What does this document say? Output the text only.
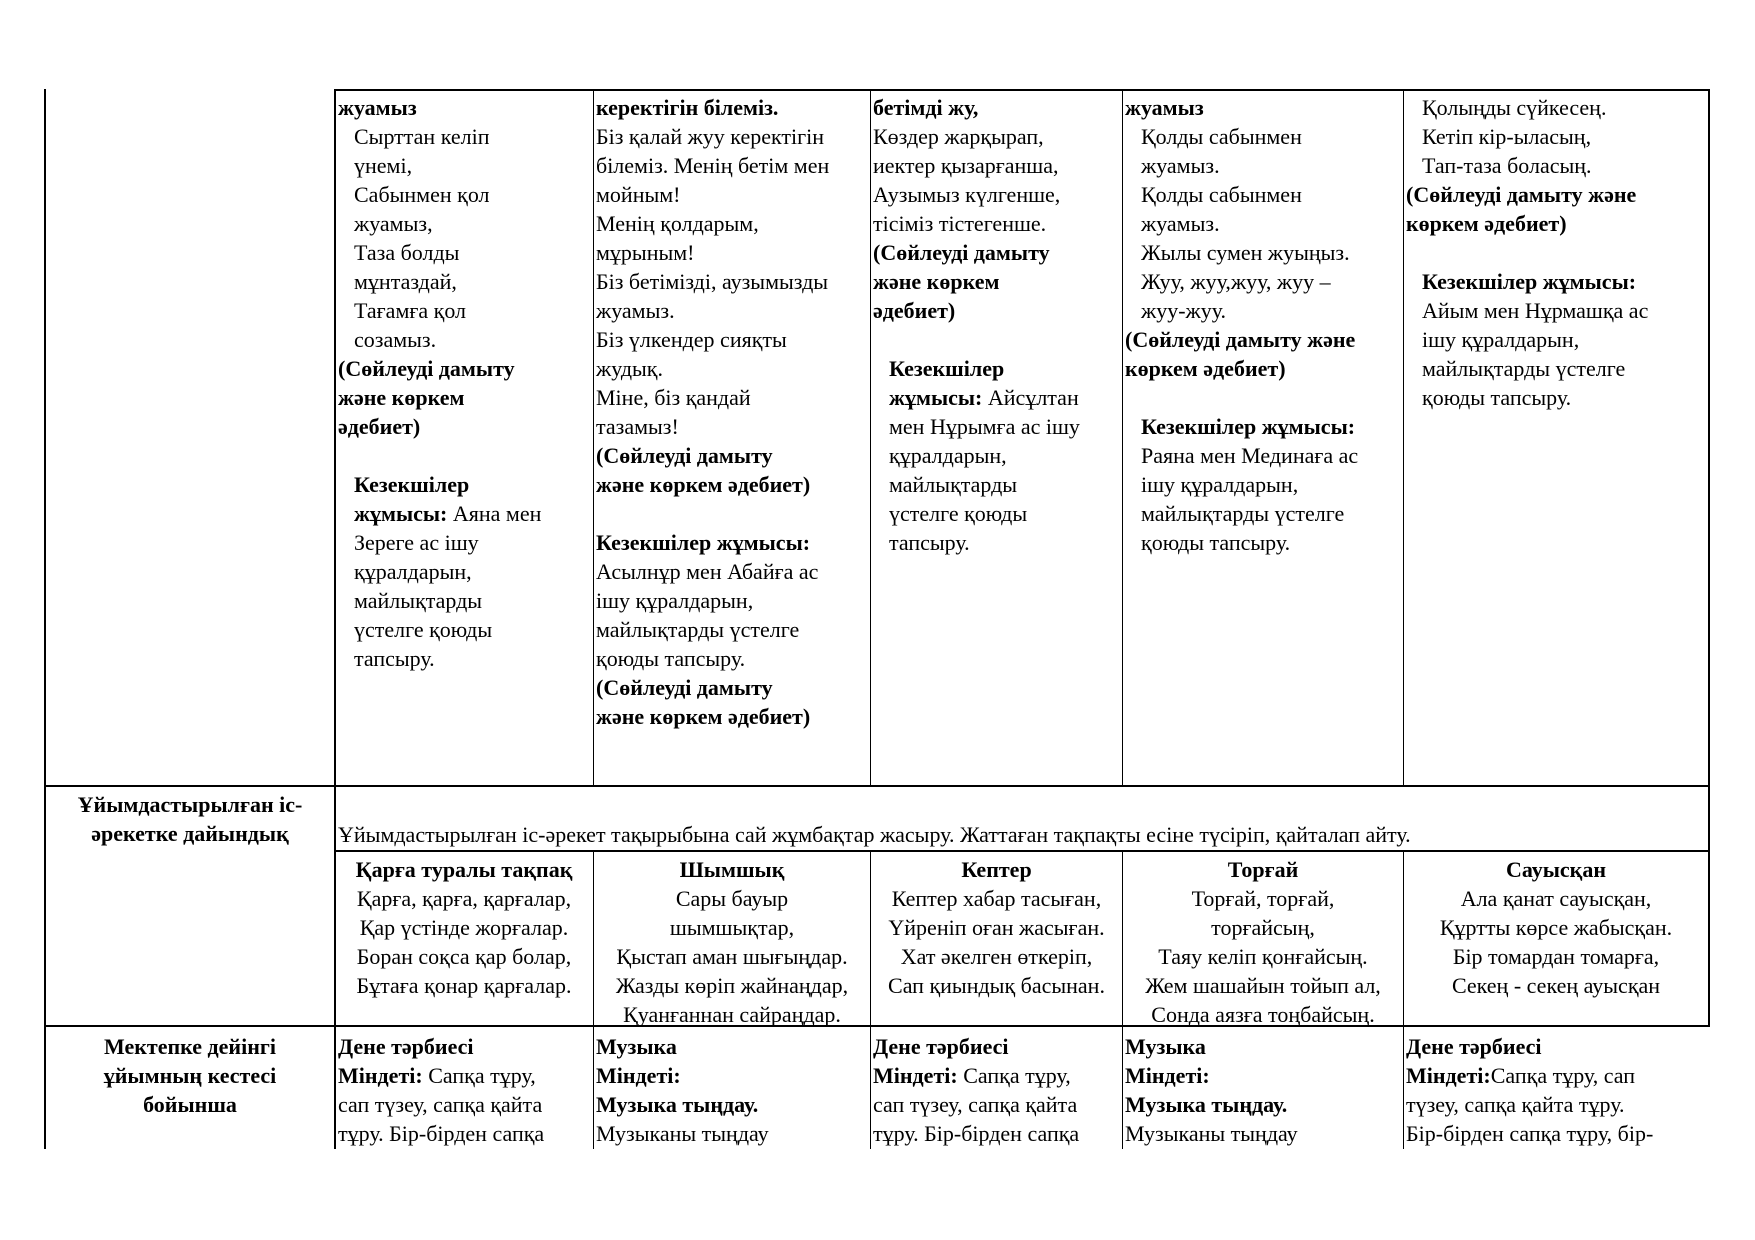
жуамыз

Сырттан келіп

үнемі,

Сабынмен қол

жуамыз,

Таза болды

мұнтаздай,

Тағамға қол

созамыз.

(Сөйлеуді дамыту

және көркем

әдебиет)

Кезекшілер

жұмысы: Аяна мен

Зереге ас ішу

құралдарын,

майлықтарды

үстелге қоюды

тапсыру.

керектігін білеміз.

Біз қалай жуу керектігін

білеміз. Менің бетім мен

мойным!

Менің қолдарым,

мұрыным!

Біз бетімізді, аузымызды

жуамыз.

Біз үлкендер сияқты

жудық.

Міне, біз қандай

тазамыз!

(Сөйлеуді дамыту

және көркем әдебиет)

Кезекшілер жұмысы:

Асылнұр мен Абайға ас

ішу құралдарын,

майлықтарды үстелге

қоюды тапсыру.

(Сөйлеуді дамыту

және көркем әдебиет)

бетімді жу,

Көздер жарқырап,

иектер қызарғанша,

Аузымыз күлгенше,

тісіміз тістегенше.

(Сөйлеуді дамыту

және көркем

әдебиет)

Кезекшілер

жұмысы: Айсұлтан

мен Нұрымға ас ішу

құралдарын,

майлықтарды

үстелге қоюды

тапсыру.

жуамыз

Қолды сабынмен

жуамыз.

Қолды сабынмен

жуамыз.

Жылы сумен жуыңыз.

Жуу, жуу,жуу, жуу –

жуу-жуу.

(Сөйлеуді дамыту және

көркем әдебиет)

Кезекшілер жұмысы:

Раяна мен Мединаға ас

ішу құралдарын,

майлықтарды үстелге

қоюды тапсыру.

Қолыңды сүйкесең.

Кетіп кір-ыласың,

Тап-таза боласың.

(Сөйлеуді дамыту және

көркем әдебиет)

Кезекшілер жұмысы:

Айым мен Нұрмашқа ас

ішу құралдарын,

майлықтарды үстелге

қоюды тапсыру.

Ұйымдастырылған іс-

әрекетке дайындық	Ұйымдастырылған іс-әрекет тақырыбына сай жұмбақтар жасыру. Жаттаған тақпақты есіне түсіріп, қайталап айту.

Қарға туралы тақпақ

Қарға, қарға, қарғалар,

Қар үстінде жорғалар.

Боран соқса қар болар,

Бұтаға қонар қарғалар.

Шымшық

Сары бауыр

шымшықтар,

Қыстап аман шығыңдар.

Жазды көріп жайнаңдар,

Қуанғаннан сайраңдар.

Кептер

Кептер хабар тасыған,

Үйреніп оған жасыған.

Хат әкелген өткеріп,

Сап қиындық басынан.

Торғай

Торғай, торғай,

торғайсың,

Таяу келіп қонғайсың.

Жем шашайын тойып ал,

Сонда аязға тоңбайсың.

Сауысқан

Ала қанат сауысқан,

Құртты көрсе жабысқан.

Бір томардан томарға,

Секең - секең ауысқан

Мектепке дейінгі

ұйымның кестесі

бойынша

Дене тәрбиесі

Міндеті: Сапқа тұру,

сап түзеу, сапқа қайта

тұру. Бір-бірден сапқа

Музыка

Міндеті:

Музыка тыңдау.

Музыканы тыңдау

Дене тәрбиесі

Міндеті: Сапқа тұру,

сап түзеу, сапқа қайта

тұру. Бір-бірден сапқа

Музыка

Міндеті:

Музыка тыңдау.

Музыканы тыңдау

Дене тәрбиесі

Міндеті:Сапқа тұру, сап

түзеу, сапқа қайта тұру.

Бір-бірден сапқа тұру, бір-
